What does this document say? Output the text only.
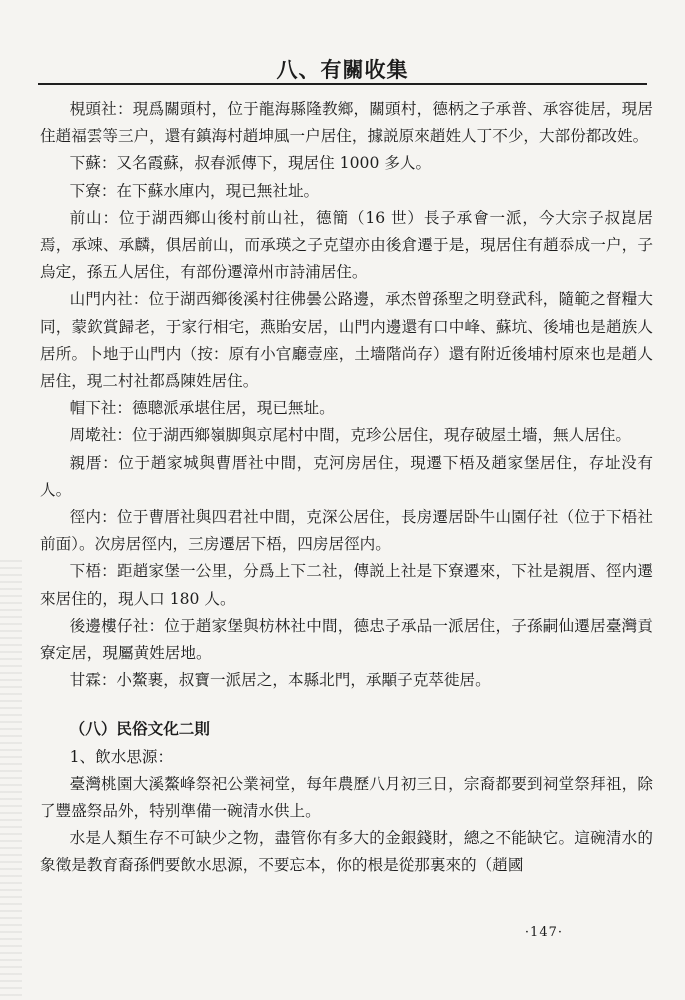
八、有關收集

梘頭社：現爲關頭村，位于龍海縣隆教鄉，關頭村，德柄之子承普、承容徙居，現居住趙福雲等三户，還有鎮海村趙坤風一户居住，據説原來趙姓人丁不少，大部份都改姓。

下蘇：又名霞蘇，叔春派傳下，現居住 1000 多人。

下寮：在下蘇水庫内，現已無社址。

前山：位于湖西鄉山後村前山社，德簡（16 世）長子承會一派，今大宗子叔崑居焉，承竦、承麟，俱居前山，而承瑛之子克望亦由後倉遷于是，現居住有趙忝成一户，子烏定，孫五人居住，有部份遷漳州市詩浦居住。

山門内社：位于湖西鄉後溪村往佛曇公路邊，承杰曾孫聖之明登武科，隨範之督糧大同，蒙欽賞歸老，于家行相宅，燕貽安居，山門内邊還有口中峰、蘇坑、後埔也是趙族人居所。卜地于山門内（按：原有小官廳壹座，土墻階尚存）還有附近後埔村原來也是趙人居住，現二村社都爲陳姓居住。

帽下社：德聰派承堪住居，現已無址。

周墘社：位于湖西鄉嶺脚與京尾村中間，克珍公居住，現存破屋土墻，無人居住。

親厝：位于趙家城與曹厝社中間，克河房居住，現遷下梧及趙家堡居住，存址没有人。

徑内：位于曹厝社與四君社中間，克深公居住，長房遷居卧牛山園仔社（位于下梧社前面）。次房居徑内，三房遷居下梧，四房居徑内。

下梧：距趙家堡一公里，分爲上下二社，傳説上社是下寮遷來，下社是親厝、徑内遷來居住的，現人口 180 人。

後邊樓仔社：位于趙家堡與枋林社中間，德忠子承品一派居住，子孫嗣仙遷居臺灣貢寮定居，現屬黄姓居地。

甘霖：小鰲裹，叔寶一派居之，本縣北門，承顒子克萃徙居。

（八）民俗文化二則

1、飲水思源：

臺灣桃園大溪鰲峰祭祀公業祠堂，每年農歷八月初三日，宗裔都要到祠堂祭拜祖，除了豐盛祭品外，特别準備一碗清水供上。

水是人類生存不可缺少之物，盡管你有多大的金銀錢財，總之不能缺它。這碗清水的象徵是教育裔孫們要飲水思源，不要忘本，你的根是從那裏來的（趙國

·147·
